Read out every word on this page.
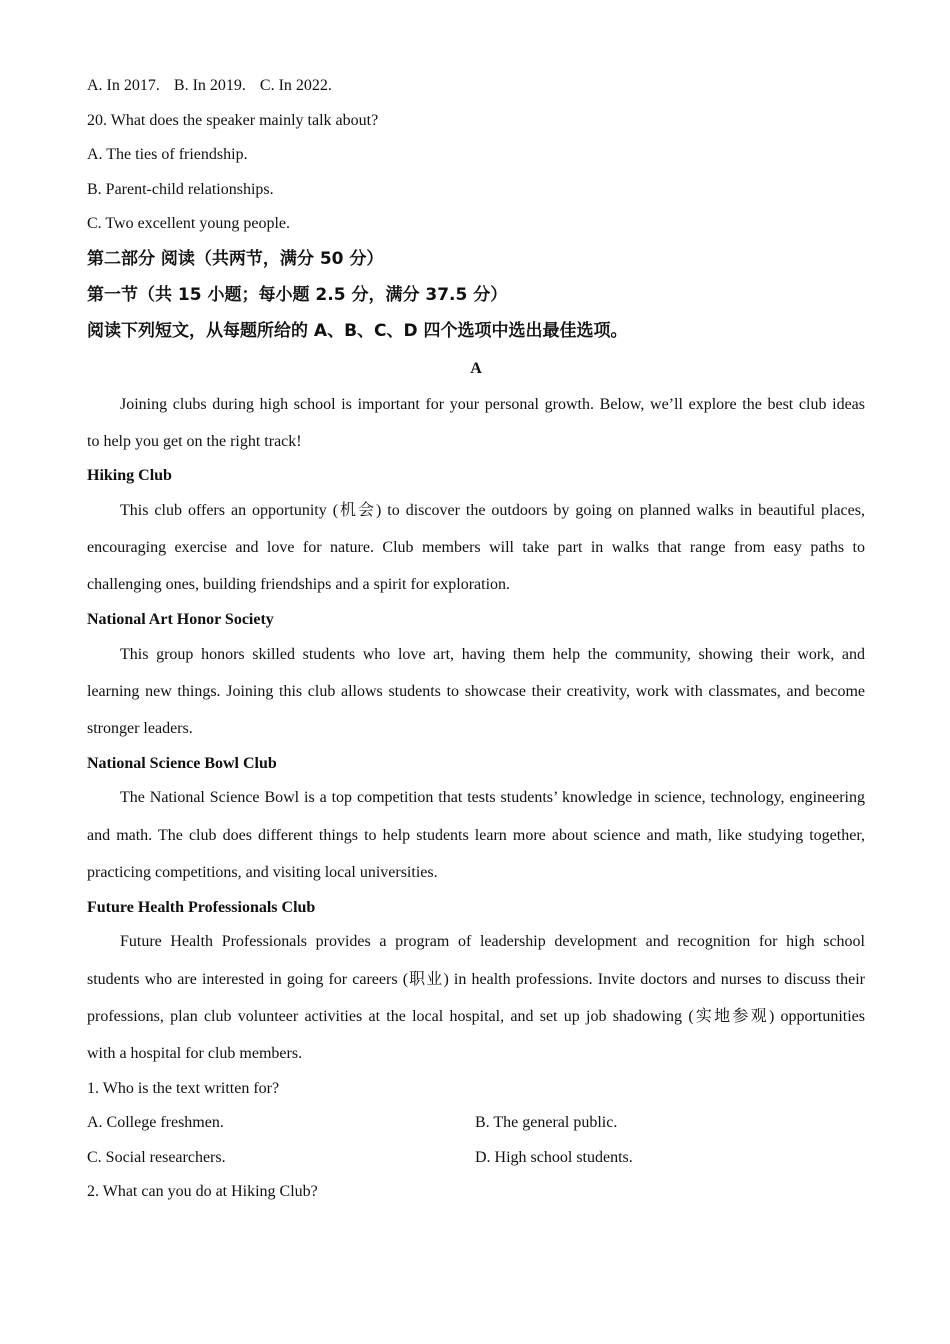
A. In 2017. B. In 2019. C. In 2022.
20. What does the speaker mainly talk about?
A. The ties of friendship.
B. Parent-child relationships.
C. Two excellent young people.
第二部分 阅读（共两节，满分 50 分）
第一节（共 15 小题；每小题 2.5 分，满分 37.5 分）
阅读下列短文，从每题所给的 A、B、C、D 四个选项中选出最佳选项。
A
Joining clubs during high school is important for your personal growth. Below, we’ll explore the best club ideas
to help you get on the right track!
Hiking Club
This club offers an opportunity (机会) to discover the outdoors by going on planned walks in beautiful places,
encouraging exercise and love for nature. Club members will take part in walks that range from easy paths to
challenging ones, building friendships and a spirit for exploration.
National Art Honor Society
This group honors skilled students who love art, having them help the community, showing their work, and
learning new things. Joining this club allows students to showcase their creativity, work with classmates, and become
stronger leaders.
National Science Bowl Club
The National Science Bowl is a top competition that tests students’ knowledge in science, technology, engineering
and math. The club does different things to help students learn more about science and math, like studying together,
practicing competitions, and visiting local universities.
Future Health Professionals Club
Future Health Professionals provides a program of leadership development and recognition for high school
students who are interested in going for careers (职业) in health professions. Invite doctors and nurses to discuss their
professions, plan club volunteer activities at the local hospital, and set up job shadowing (实地参观) opportunities
with a hospital for club members.
1. Who is the text written for?
A. College freshmen.	B. The general public.
C. Social researchers.	D. High school students.
2. What can you do at Hiking Club?
